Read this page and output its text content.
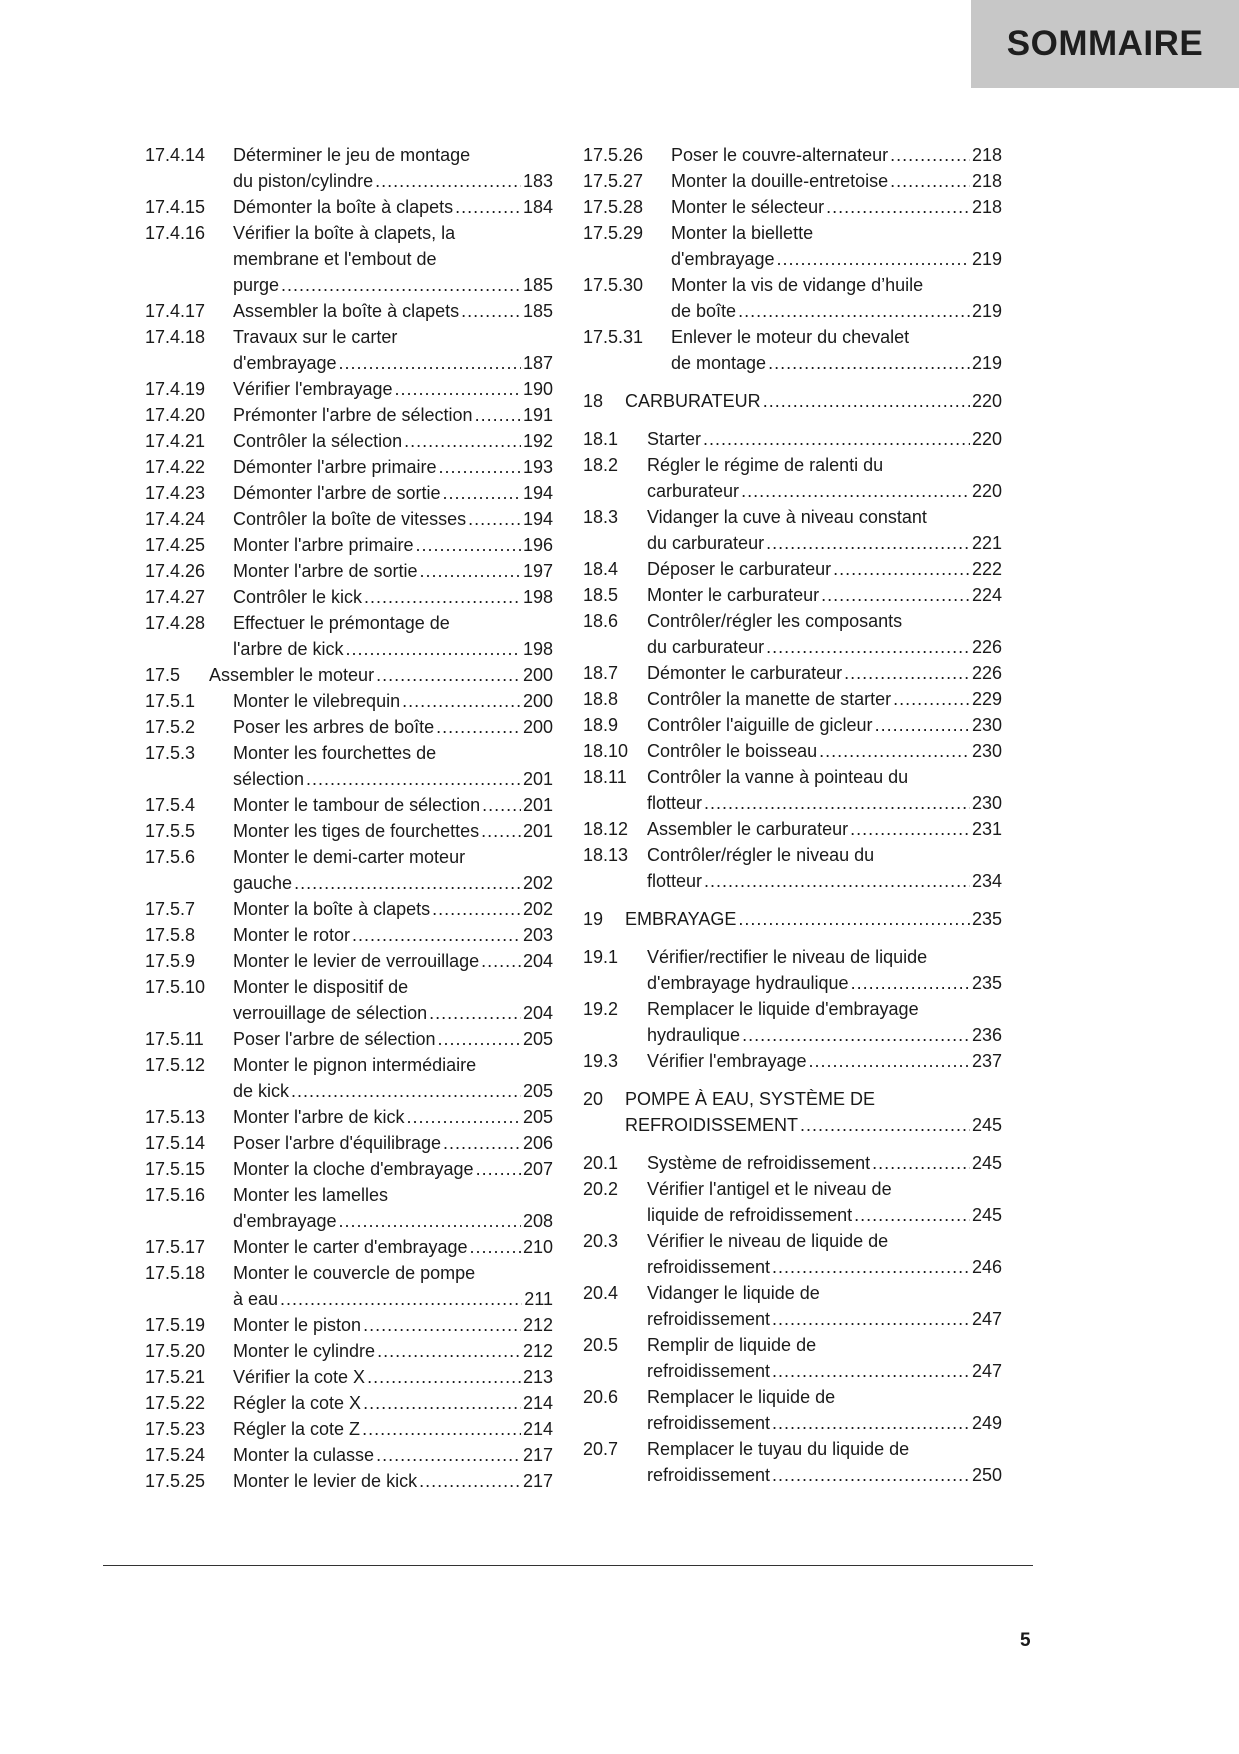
SOMMAIRE
17.4.14	Déterminer le jeu de montage
du piston/cylindre .....	183
17.4.15	Démonter la boîte à clapets .....	184
17.4.16	Vérifier la boîte à clapets, la
membrane et l'embout de
purge .....	185
17.4.17	Assembler la boîte à clapets .....	185
17.4.18	Travaux sur le carter
d'embrayage .....	187
17.4.19	Vérifier l'embrayage .....	190
17.4.20	Prémonter l'arbre de sélection .....	191
17.4.21	Contrôler la sélection .....	192
17.4.22	Démonter l'arbre primaire .....	193
17.4.23	Démonter l'arbre de sortie .....	194
17.4.24	Contrôler la boîte de vitesses .....	194
17.4.25	Monter l'arbre primaire .....	196
17.4.26	Monter l'arbre de sortie .....	197
17.4.27	Contrôler le kick .....	198
17.4.28	Effectuer le prémontage de
l'arbre de kick .....	198
17.5	Assembler le moteur .....	200
17.5.1	Monter le vilebrequin .....	200
17.5.2	Poser les arbres de boîte .....	200
17.5.3	Monter les fourchettes de
sélection .....	201
17.5.4	Monter le tambour de sélection ..... 201
17.5.5	Monter les tiges de fourchettes ..... 201
17.5.6	Monter le demi-carter moteur
gauche .....	202
17.5.7	Monter la boîte à clapets .....	202
17.5.8	Monter le rotor .....	203
17.5.9	Monter le levier de verrouillage ..... 204
17.5.10	Monter le dispositif de
verrouillage de sélection .....	204
17.5.11	Poser l'arbre de sélection .....	205
17.5.12	Monter le pignon intermédiaire
de kick .....	205
17.5.13	Monter l'arbre de kick .....	205
17.5.14	Poser l'arbre d'équilibrage .....	206
17.5.15	Monter la cloche d'embrayage .....	207
17.5.16	Monter les lamelles
d'embrayage .....	208
17.5.17	Monter le carter d'embrayage .....	210
17.5.18	Monter le couvercle de pompe
à eau .....	211
17.5.19	Monter le piston .....	212
17.5.20	Monter le cylindre .....	212
17.5.21	Vérifier la cote X .....	213
17.5.22	Régler la cote X .....	214
17.5.23	Régler la cote Z .....	214
17.5.24	Monter la culasse .....	217
17.5.25	Monter le levier de kick .....	217
17.5.26	Poser le couvre-alternateur .....	218
17.5.27	Monter la douille-entretoise .....	218
17.5.28	Monter le sélecteur .....	218
17.5.29	Monter la biellette
d'embrayage .....	219
17.5.30	Monter la vis de vidange d’huile
de boîte .....	219
17.5.31	Enlever le moteur du chevalet
de montage .....	219
18	CARBURATEUR .....	220
18.1	Starter .....	220
18.2	Régler le régime de ralenti du
carburateur .....	220
18.3	Vidanger la cuve à niveau constant
du carburateur .....	221
18.4	Déposer le carburateur .....	222
18.5	Monter le carburateur .....	224
18.6	Contrôler/régler les composants
du carburateur .....	226
18.7	Démonter le carburateur .....	226
18.8	Contrôler la manette de starter .....	229
18.9	Contrôler l'aiguille de gicleur .....	230
18.10	Contrôler le boisseau .....	230
18.11	Contrôler la vanne à pointeau du
flotteur .....	230
18.12	Assembler le carburateur .....	231
18.13	Contrôler/régler le niveau du
flotteur .....	234
19	EMBRAYAGE .....	235
19.1	Vérifier/rectifier le niveau de liquide
d'embrayage hydraulique .....	235
19.2	Remplacer le liquide d'embrayage
hydraulique .....	236
19.3	Vérifier l'embrayage .....	237
20	POMPE À EAU, SYSTÈME DE
REFROIDISSEMENT .....	245
20.1	Système de refroidissement .....	245
20.2	Vérifier l'antigel et le niveau de
liquide de refroidissement .....	245
20.3	Vérifier le niveau de liquide de
refroidissement .....	246
20.4	Vidanger le liquide de
refroidissement .....	247
20.5	Remplir de liquide de
refroidissement .....	247
20.6	Remplacer le liquide de
refroidissement .....	249
20.7	Remplacer le tuyau du liquide de
refroidissement .....	250
5
